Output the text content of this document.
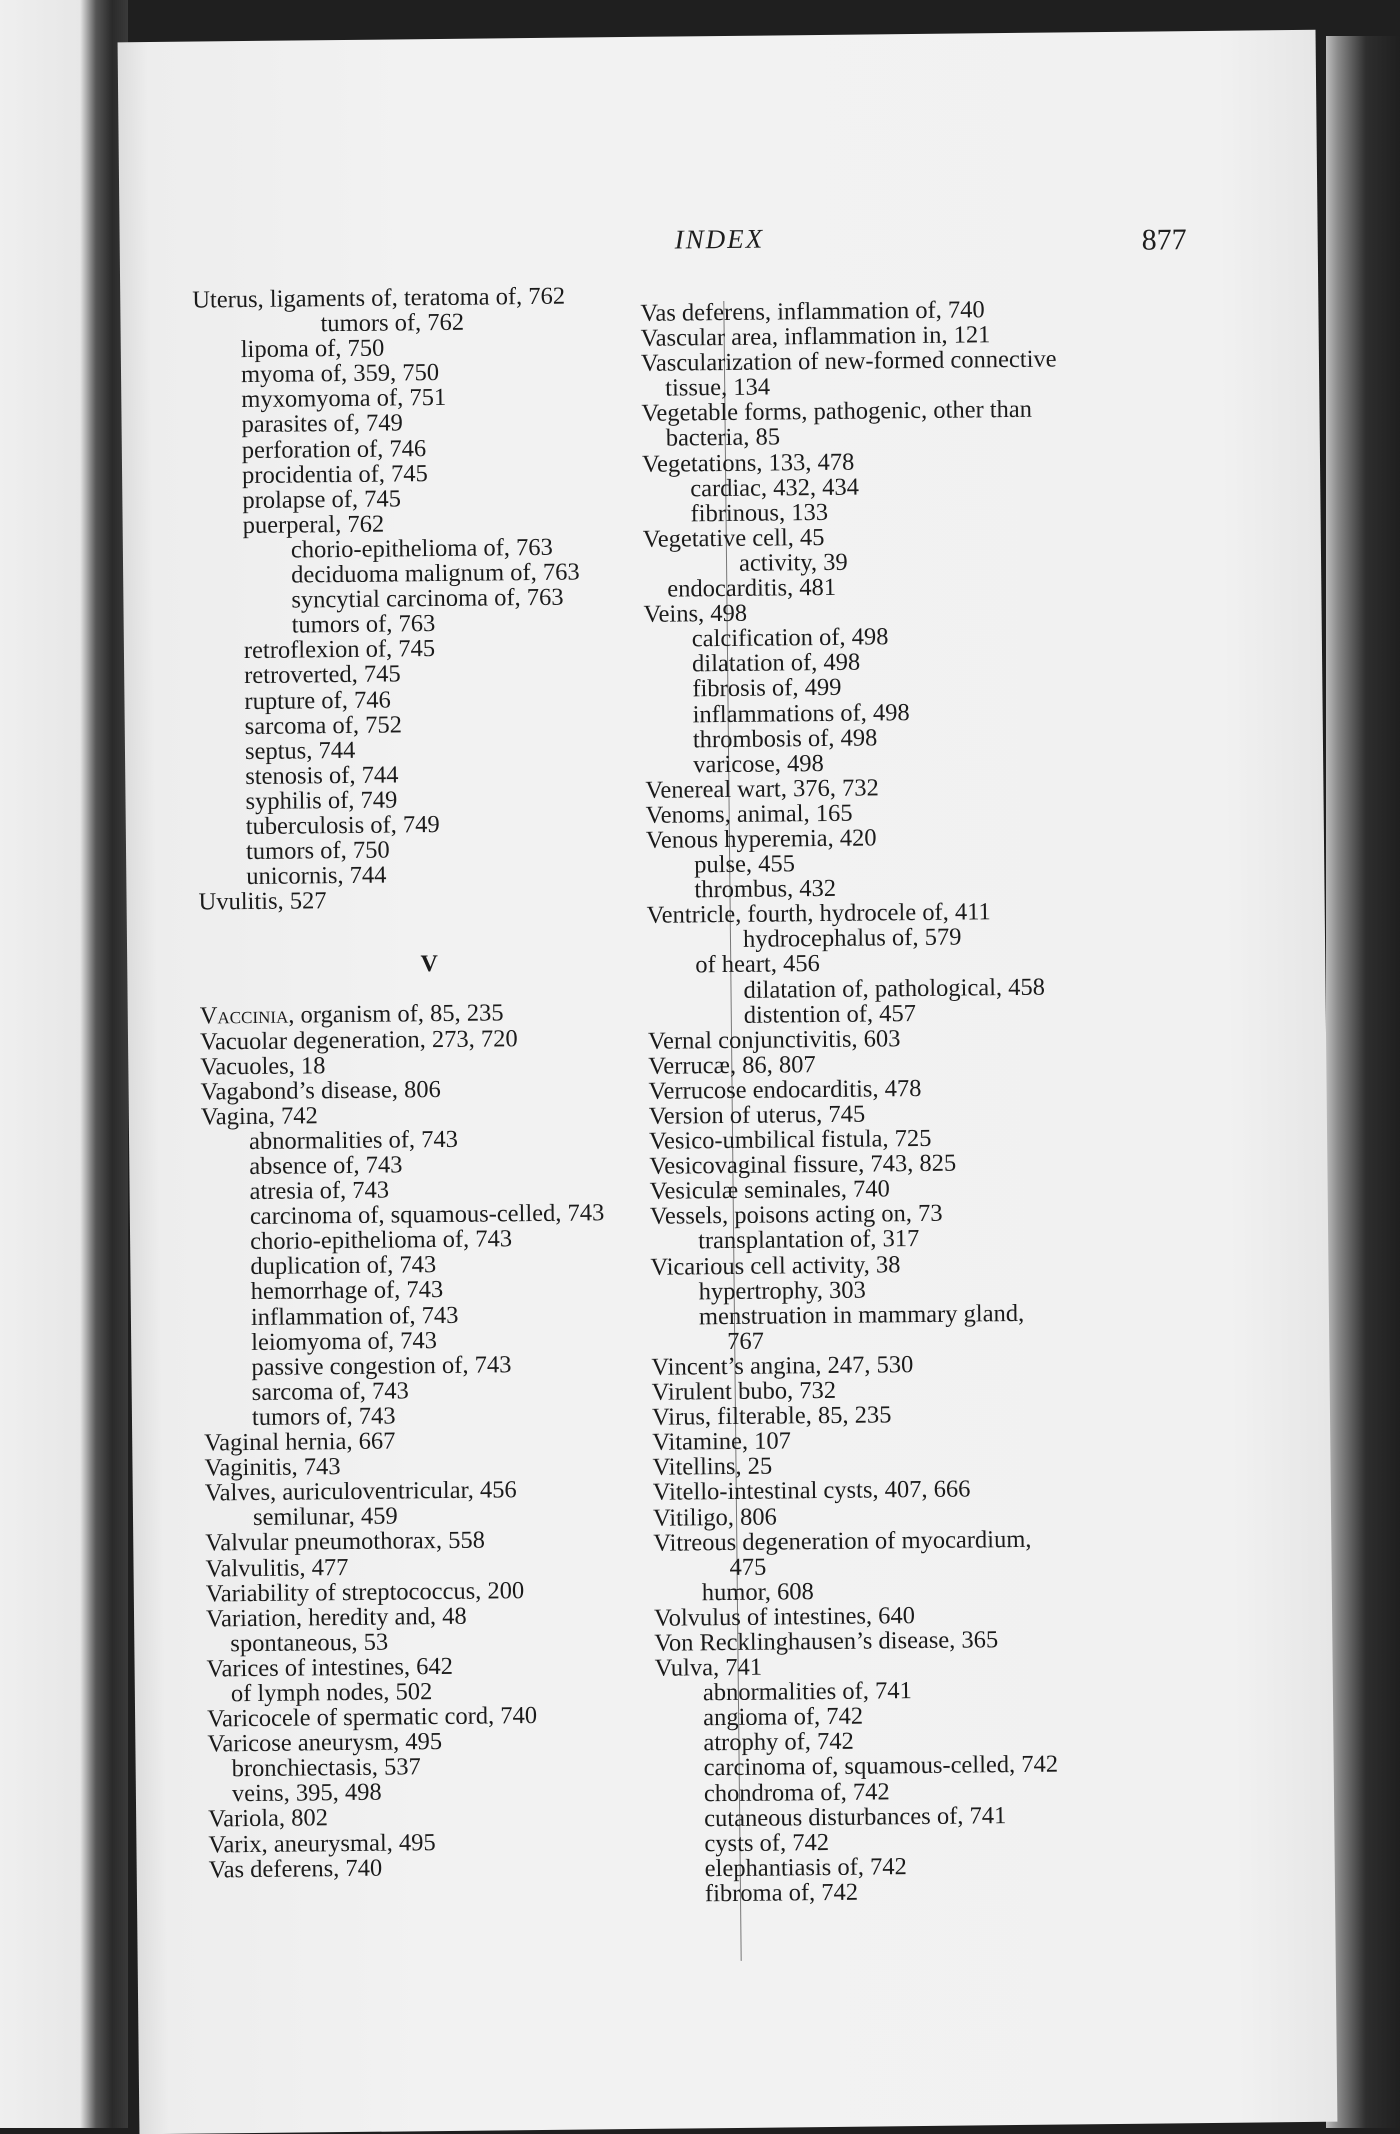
INDEX	877
Uterus, ligaments of, teratoma of, 762
tumors of, 762
lipoma of, 750
myoma of, 359, 750
myxomyoma of, 751
parasites of, 749
perforation of, 746
procidentia of, 745
prolapse of, 745
puerperal, 762
chorio-epithelioma of, 763
deciduoma malignum of, 763
syncytial carcinoma of, 763
tumors of, 763
retroflexion of, 745
retroverted, 745
rupture of, 746
sarcoma of, 752
septus, 744
stenosis of, 744
syphilis of, 749
tuberculosis of, 749
tumors of, 750
unicornis, 744
Uvulitis, 527
V
Vaccinia, organism of, 85, 235
Vacuolar degeneration, 273, 720
Vacuoles, 18
Vagabond’s disease, 806
Vagina, 742
abnormalities of, 743
absence of, 743
atresia of, 743
carcinoma of, squamous-celled, 743
chorio-epithelioma of, 743
duplication of, 743
hemorrhage of, 743
inflammation of, 743
leiomyoma of, 743
passive congestion of, 743
sarcoma of, 743
tumors of, 743
Vaginal hernia, 667
Vaginitis, 743
Valves, auriculoventricular, 456
semilunar, 459
Valvular pneumothorax, 558
Valvulitis, 477
Variability of streptococcus, 200
Variation, heredity and, 48
spontaneous, 53
Varices of intestines, 642
of lymph nodes, 502
Varicocele of spermatic cord, 740
Varicose aneurysm, 495
bronchiectasis, 537
veins, 395, 498
Variola, 802
Varix, aneurysmal, 495
Vas deferens, 740
Vas deferens, inflammation of, 740
Vascular area, inflammation in, 121
Vascularization of new-formed connective
tissue, 134
Vegetable forms, pathogenic, other than
bacteria, 85
Vegetations, 133, 478
cardiac, 432, 434
fibrinous, 133
Vegetative cell, 45
activity, 39
endocarditis, 481
Veins, 498
calcification of, 498
dilatation of, 498
fibrosis of, 499
inflammations of, 498
thrombosis of, 498
varicose, 498
Venereal wart, 376, 732
Venoms, animal, 165
Venous hyperemia, 420
pulse, 455
thrombus, 432
Ventricle, fourth, hydrocele of, 411
hydrocephalus of, 579
of heart, 456
dilatation of, pathological, 458
distention of, 457
Vernal conjunctivitis, 603
Verrucæ, 86, 807
Verrucose endocarditis, 478
Version of uterus, 745
Vesico-umbilical fistula, 725
Vesicovaginal fissure, 743, 825
Vesiculæ seminales, 740
Vessels, poisons acting on, 73
transplantation of, 317
Vicarious cell activity, 38
hypertrophy, 303
menstruation in mammary gland,
767
Vincent’s angina, 247, 530
Virulent bubo, 732
Virus, filterable, 85, 235
Vitamine, 107
Vitellins, 25
Vitello-intestinal cysts, 407, 666
Vitiligo, 806
Vitreous degeneration of myocardium,
475
humor, 608
Volvulus of intestines, 640
Von Recklinghausen’s disease, 365
Vulva, 741
abnormalities of, 741
angioma of, 742
atrophy of, 742
carcinoma of, squamous-celled, 742
chondroma of, 742
cutaneous disturbances of, 741
cysts of, 742
elephantiasis of, 742
fibroma of, 742
